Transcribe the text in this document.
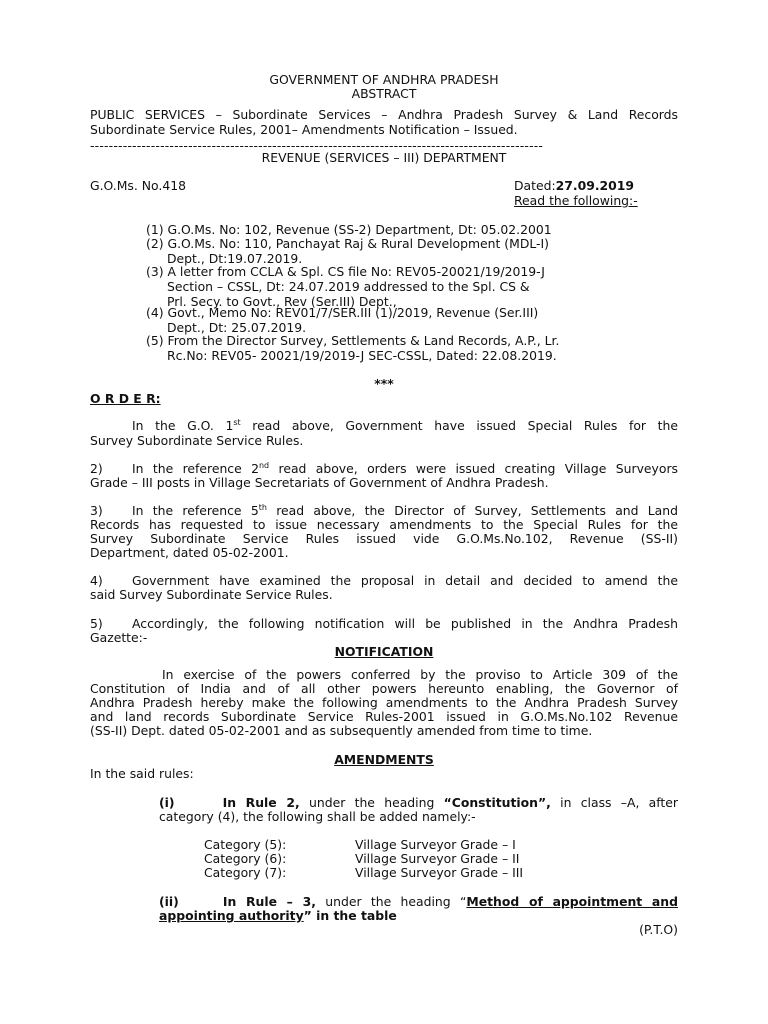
GOVERNMENT OF ANDHRA PRADESH
ABSTRACT
PUBLIC SERVICES – Subordinate Services – Andhra Pradesh Survey & Land Records
Subordinate Service Rules, 2001– Amendments Notification – Issued.
-------------------------------------------------------------------------------------------------
REVENUE (SERVICES – III) DEPARTMENT
G.O.Ms. No.418	Dated:27.09.2019
Read the following:-
(1) G.O.Ms. No: 102, Revenue (SS-2) Department, Dt: 05.02.2001
(2) G.O.Ms. No: 110, Panchayat Raj & Rural Development (MDL-I)
Dept., Dt:19.07.2019.
(3) A letter from CCLA & Spl. CS file No: REV05-20021/19/2019-J
Section – CSSL, Dt: 24.07.2019 addressed to the Spl. CS &
Prl. Secy. to Govt., Rev (Ser.III) Dept.,
(4) Govt., Memo No: REV01/7/SER.III (1)/2019, Revenue (Ser.III)
Dept., Dt: 25.07.2019.
(5) From the Director Survey, Settlements & Land Records, A.P., Lr.
Rc.No: REV05- 20021/19/2019-J SEC-CSSL, Dated: 22.08.2019.
***
O R D E R:
In the G.O. 1st read above, Government have issued Special Rules for the
Survey Subordinate Service Rules.
2) In the reference 2nd read above, orders were issued creating Village Surveyors
Grade – III posts in Village Secretariats of Government of Andhra Pradesh.
3) In the reference 5th read above, the Director of Survey, Settlements and Land
Records has requested to issue necessary amendments to the Special Rules for the
Survey Subordinate Service Rules issued vide G.O.Ms.No.102, Revenue (SS-II)
Department, dated 05-02-2001.
4) Government have examined the proposal in detail and decided to amend the
said Survey Subordinate Service Rules.
5) Accordingly, the following notification will be published in the Andhra Pradesh
Gazette:-
NOTIFICATION
In exercise of the powers conferred by the proviso to Article 309 of the
Constitution of India and of all other powers hereunto enabling, the Governor of
Andhra Pradesh hereby make the following amendments to the Andhra Pradesh Survey
and land records Subordinate Service Rules-2001 issued in G.O.Ms.No.102 Revenue
(SS-II) Dept. dated 05-02-2001 and as subsequently amended from time to time.
AMENDMENTS
In the said rules:
(i)	In Rule 2, under the heading “Constitution”, in class –A, after
category (4), the following shall be added namely:-
Category (5):	Village Surveyor Grade – I
Category (6):	Village Surveyor Grade – II
Category (7):	Village Surveyor Grade – III
(ii)	In Rule – 3, under the heading “Method of appointment and
appointing authority” in the table
(P.T.O)
